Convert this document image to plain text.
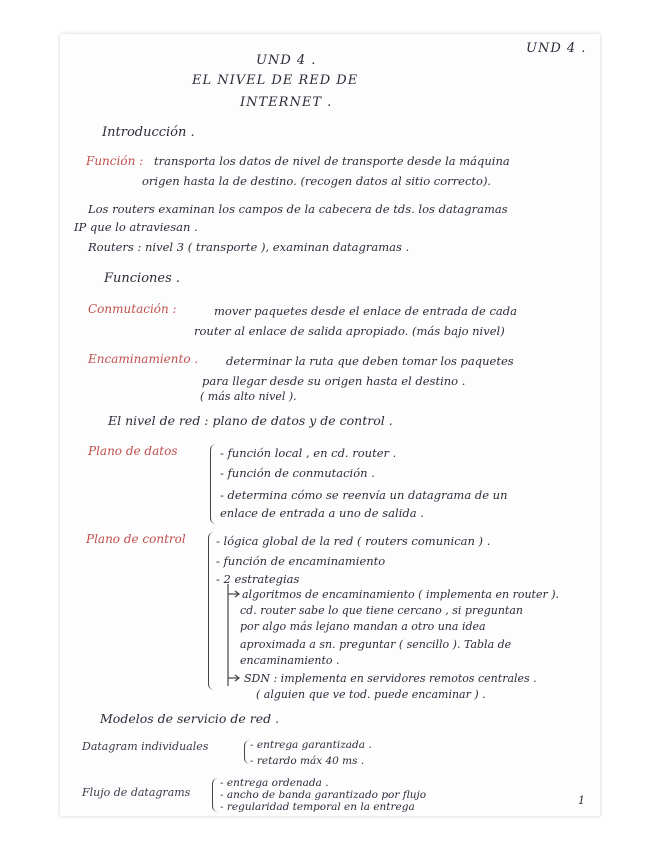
UND 4 .
UND 4 .
EL NIVEL DE RED DE
INTERNET .
Introducción .
Función : transporta los datos de nivel de transporte desde la máquina
origen hasta la de destino. (recogen datos al sitio correcto).
Los routers examinan los campos de la cabecera de tds. los datagramas
IP que lo atraviesan .
Routers : nivel 3 ( transporte ), examinan datagramas .
Funciones .
Conmutación :	mover paquetes desde el enlace de entrada de cada
router al enlace de salida apropiado. (más bajo nivel)
Encaminamiento . determinar la ruta que deben tomar los paquetes
para llegar desde su origen hasta el destino .
( más alto nivel ).
El nivel de red : plano de datos y de control .
Plano de datos	- función local , en cd. router .
- función de conmutación .
- determina cómo se reenvía un datagrama de un
enlace de entrada a uno de salida .
Plano de control	- lógica global de la red ( routers comunican ) .
- función de encaminamiento
- 2 estrategias
algoritmos de encaminamiento ( implementa en router ).
cd. router sabe lo que tiene cercano , si preguntan
por algo más lejano mandan a otro una idea
aproximada a sn. preguntar ( sencillo ). Tabla de
encaminamiento .
SDN : implementa en servidores remotos centrales .
( alguien que ve tod. puede encaminar ) .
Modelos de servicio de red .
Datagram individuales	- entrega garantizada .
- retardo máx 40 ms .
Flujo de datagrams
- entrega ordenada .
- ancho de banda garantizado por flujo
- regularidad temporal en la entrega	1
